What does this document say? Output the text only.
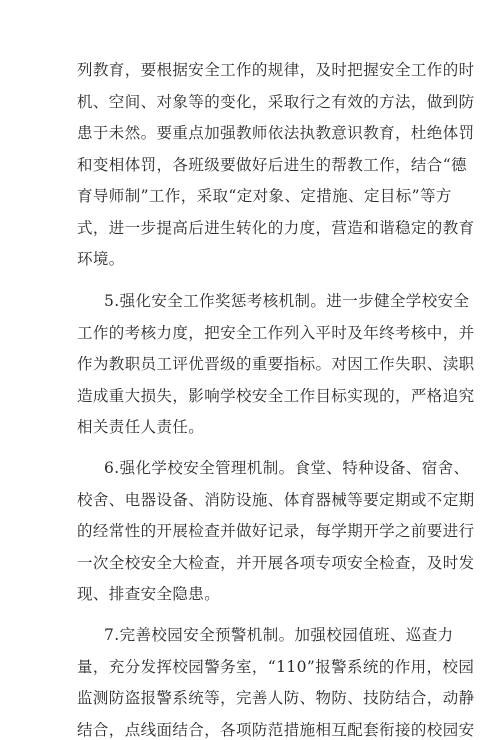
列教育，要根据安全工作的规律，及时把握安全工作的时
机、空间、对象等的变化，采取行之有效的方法，做到防
患于未然。要重点加强教师依法执教意识教育，杜绝体罚
和变相体罚，各班级要做好后进生的帮教工作，结合“德
育导师制”工作，采取“定对象、定措施、定目标”等方
式，进一步提高后进生转化的力度，营造和谐稳定的教育
环境。
5.强化安全工作奖惩考核机制。进一步健全学校安全
工作的考核力度，把安全工作列入平时及年终考核中，并
作为教职员工评优晋级的重要指标。对因工作失职、渎职
造成重大损失，影响学校安全工作目标实现的，严格追究
相关责任人责任。
6.强化学校安全管理机制。食堂、特种设备、宿舍、
校舍、电器设备、消防设施、体育器械等要定期或不定期
的经常性的开展检查并做好记录，每学期开学之前要进行
一次全校安全大检查，并开展各项专项安全检查，及时发
现、排查安全隐患。
7.完善校园安全预警机制。加强校园值班、巡查力
量，充分发挥校园警务室，“110”报警系统的作用，校园
监测防盗报警系统等，完善人防、物防、技防结合，动静
结合，点线面结合，各项防范措施相互配套衔接的校园安
